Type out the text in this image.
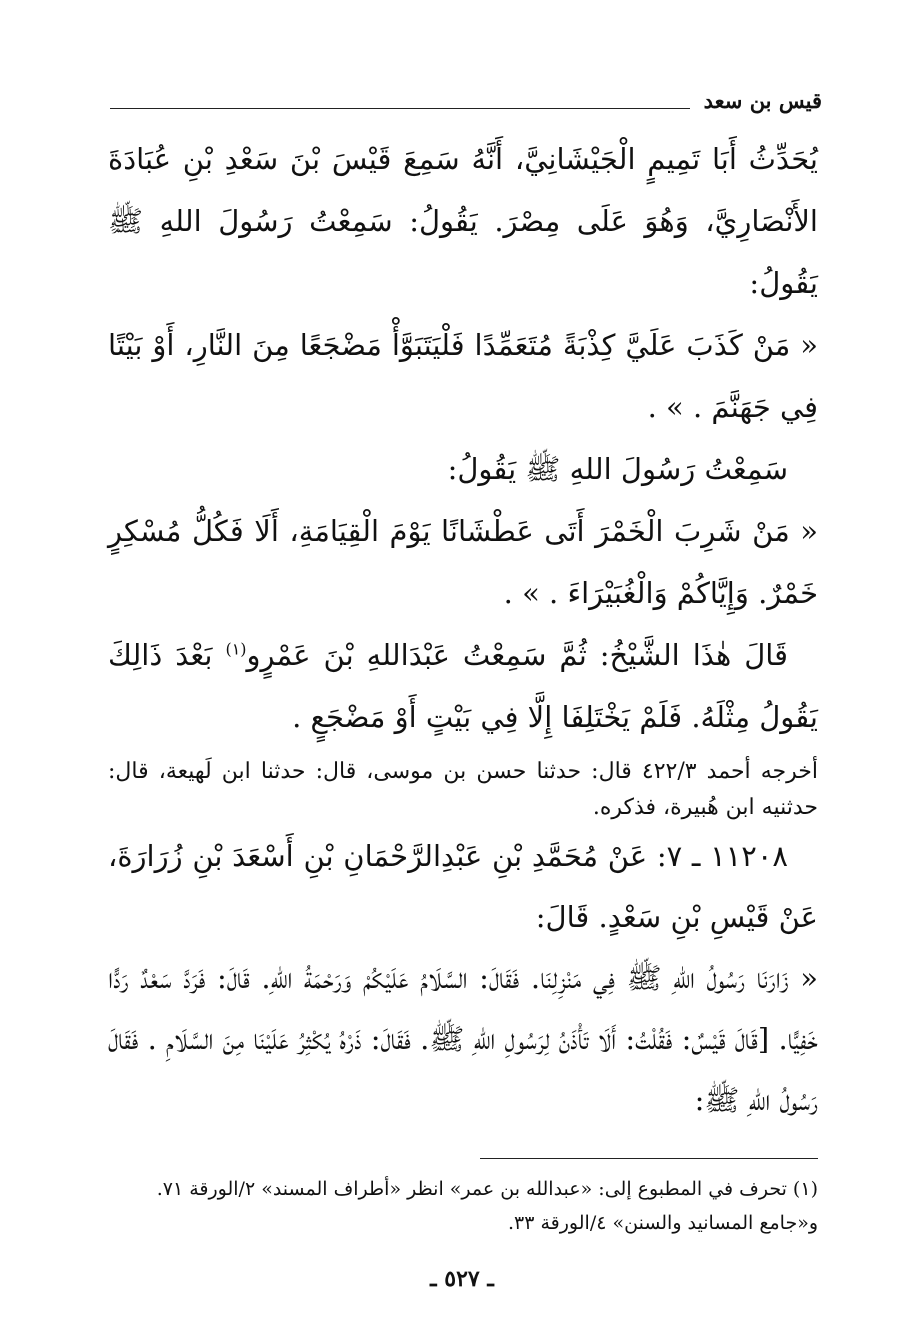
قيس بن سعد

يُحَدِّثُ أَبَا تَمِيمٍ الْجَيْشَانِيَّ، أَنَّهُ سَمِعَ قَيْسَ بْنَ سَعْدِ بْنِ عُبَادَةَ الأَنْصَارِيَّ، وَهُوَ عَلَى مِصْرَ. يَقُولُ: سَمِعْتُ رَسُولَ اللهِ ﷺ يَقُولُ:

« مَنْ كَذَبَ عَلَيَّ كِذْبَةً مُتَعَمِّدًا فَلْيَتَبَوَّأْ مَضْجَعًا مِنَ النَّارِ، أَوْ بَيْتًا فِي جَهَنَّمَ . » .

سَمِعْتُ رَسُولَ اللهِ ﷺ يَقُولُ:

« مَنْ شَرِبَ الْخَمْرَ أَتَى عَطْشَانًا يَوْمَ الْقِيَامَةِ، أَلَا فَكُلُّ مُسْكِرٍ خَمْرٌ. وَإِيَّاكُمْ وَالْغُبَيْرَاءَ . » .

قَالَ هٰذَا الشَّيْخُ: ثُمَّ سَمِعْتُ عَبْدَاللهِ بْنَ عَمْرٍو$^{(١)}$ بَعْدَ ذَالِكَ يَقُولُ مِثْلَهُ. فَلَمْ يَخْتَلِفَا إِلَّا فِي بَيْتٍ أَوْ مَضْجَعٍ .

أخرجه أحمد ٤٢٢/٣ قال: حدثنا حسن بن موسى، قال: حدثنا ابن لَهيعة، قال: حدثنيه ابن هُبيرة، فذكره.

١١٢٠٨ ـ ٧: عَنْ مُحَمَّدِ بْنِ عَبْدِالرَّحْمَانِ بْنِ أَسْعَدَ بْنِ زُرَارَةَ، عَنْ قَيْسِ بْنِ سَعْدٍ. قَالَ:

« زَارَنَا رَسُولُ اللهِ ﷺ فِي مَنْزِلِنَا. فَقَالَ: السَّلَامُ عَلَيْكُمْ وَرَحْمَةُ اللهِ. قَالَ: فَرَدَّ سَعْدٌ رَدًّا خَفِيًّا. [قَالَ قَيْسٌ: فَقُلْتُ: أَلَا تَأْذَنُ لِرَسُولِ اللهِ ﷺ. فَقَالَ: ذَرْهُ يُكْثِرُ عَلَيْنَا مِنَ السَّلَامِ . فَقَالَ رَسُولُ اللهِ ﷺ:

(١) تحرف في المطبوع إلى: «عبدالله بن عمر» انظر «أطراف المسند» ٢/الورقة ٧١.

و«جامع المسانيد والسنن» ٤/الورقة ٣٣.

ـ ٥٢٧ ـ
